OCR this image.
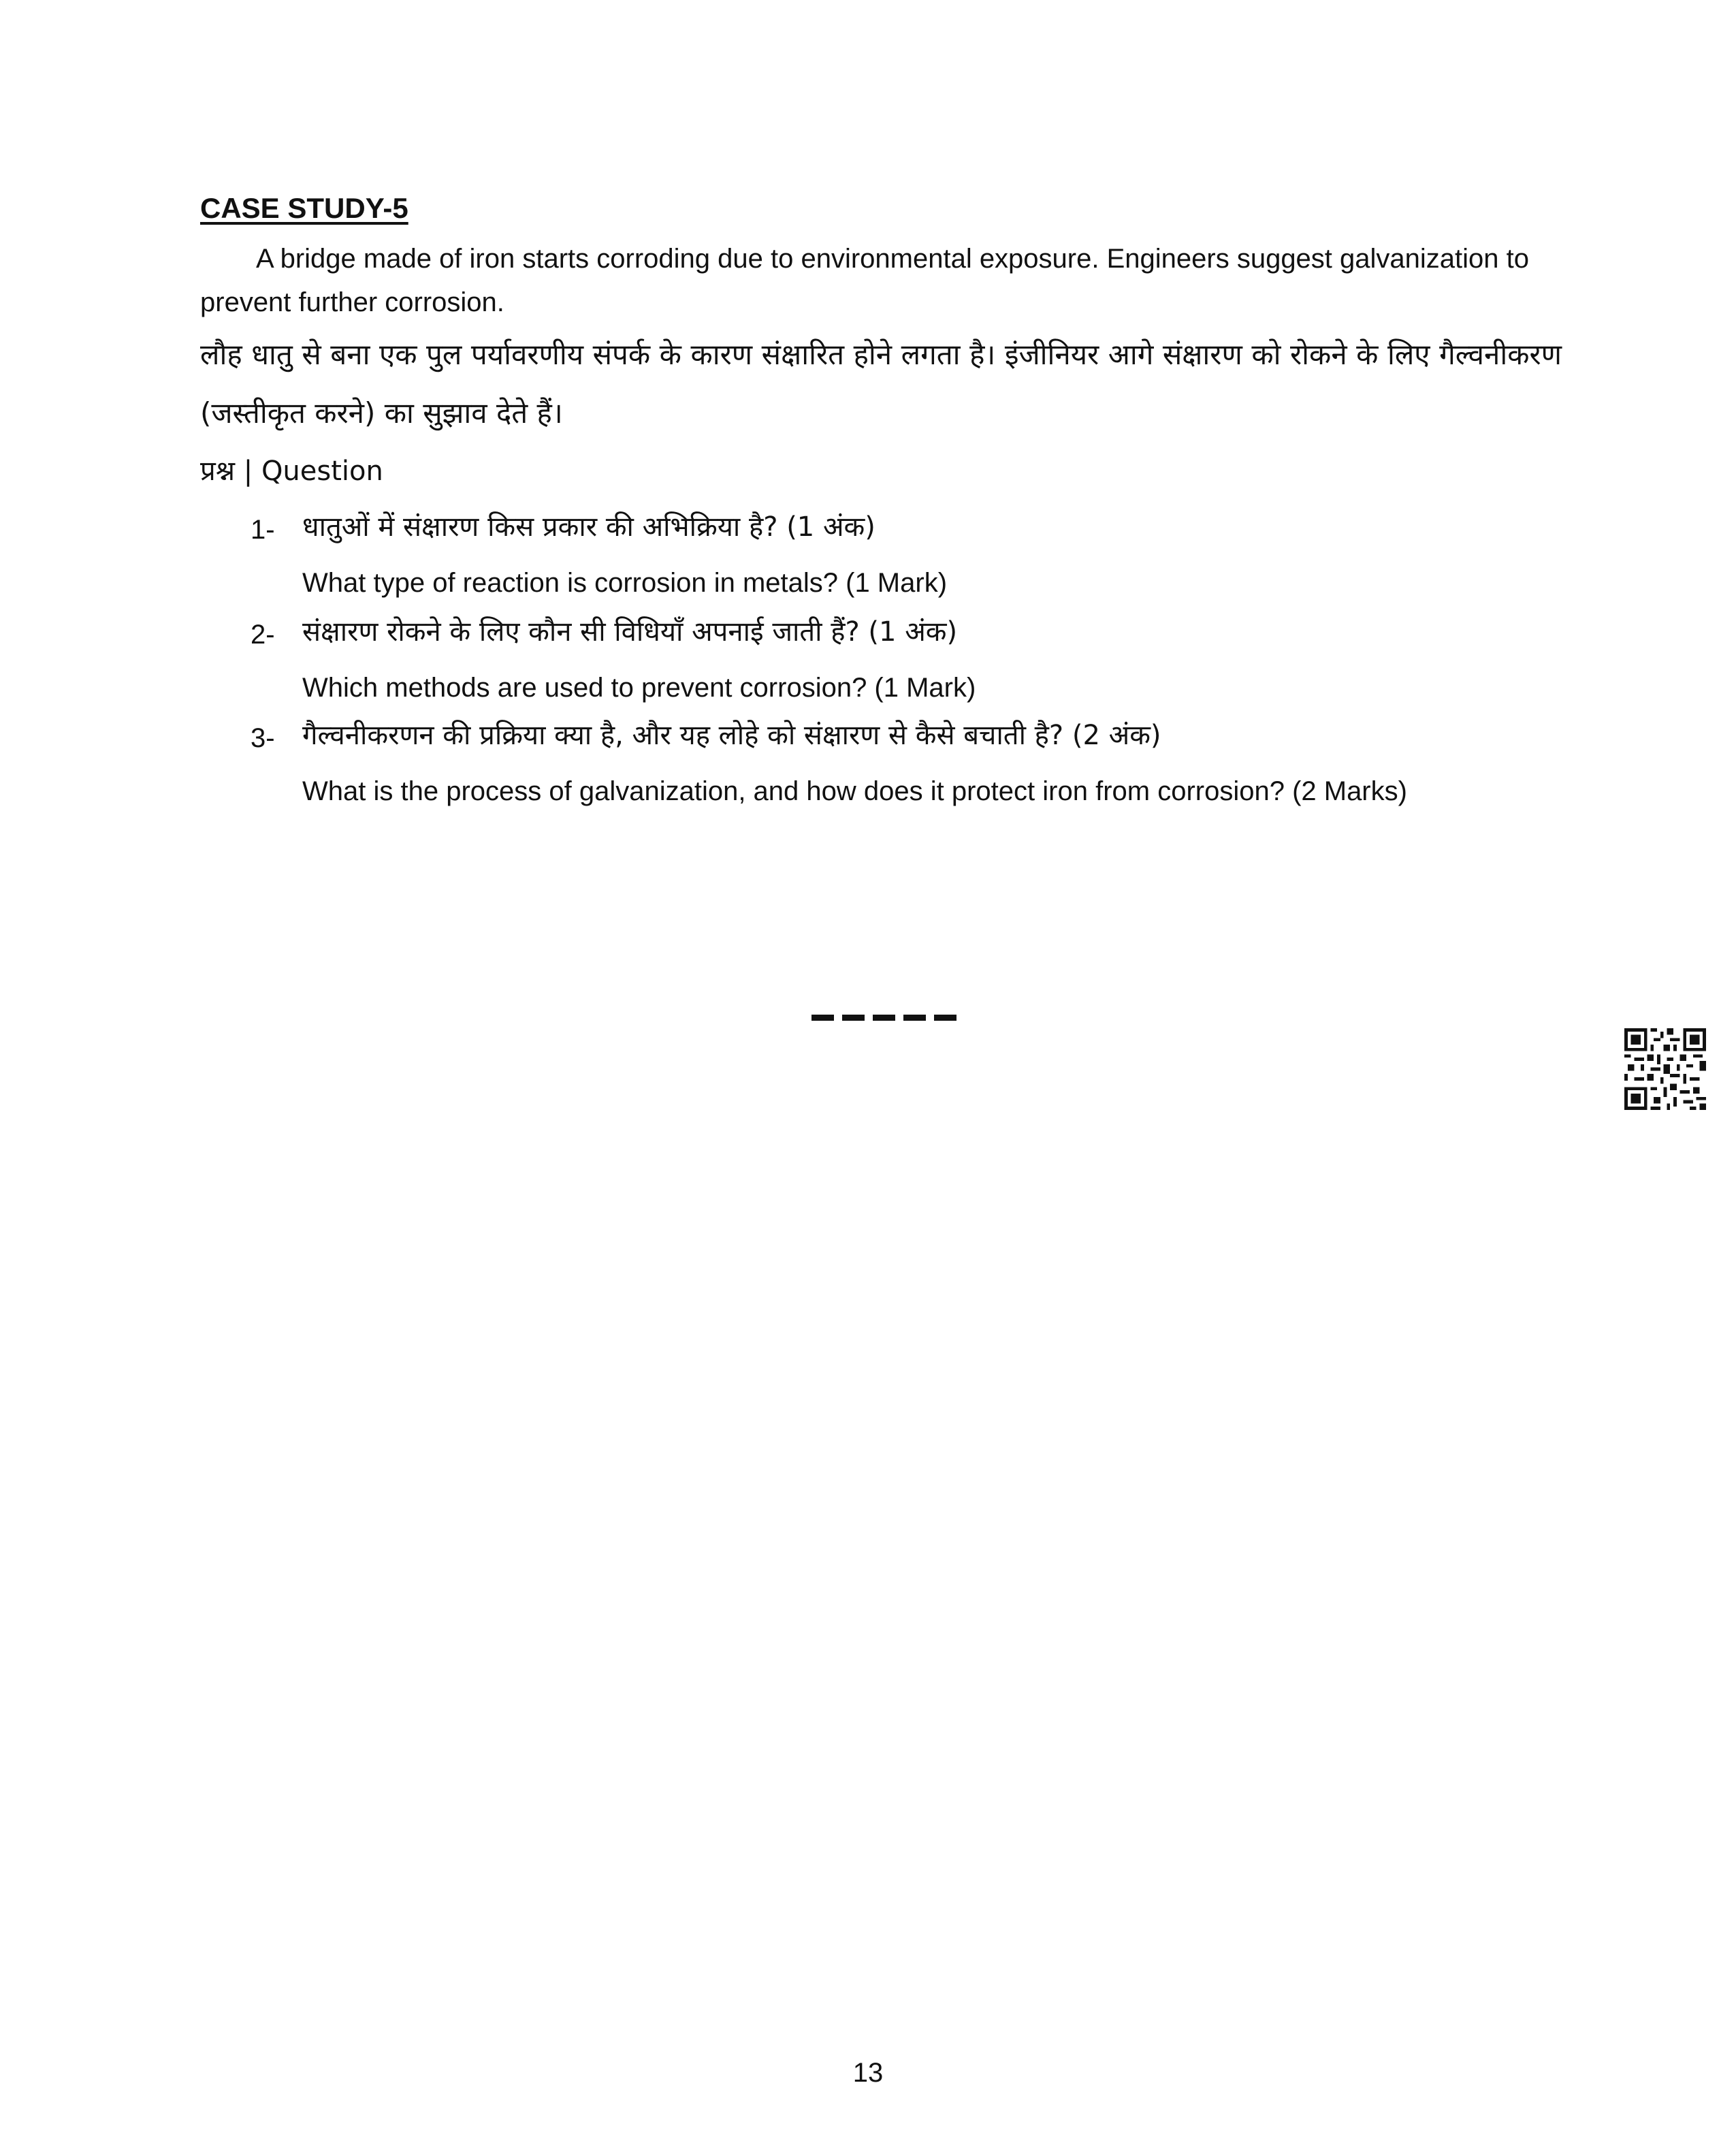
CASE STUDY-5
A bridge made of iron starts corroding due to environmental exposure. Engineers suggest galvanization to prevent further corrosion.
लौह धातु से बना एक पुल पर्यावरणीय संपर्क के कारण संक्षारित होने लगता है। इंजीनियर आगे संक्षारण को रोकने के लिए गैल्वनीकरण (जस्तीकृत करने) का सुझाव देते हैं।
प्रश्न | Question
1- धातुओं में संक्षारण किस प्रकार की अभिक्रिया है? (1 अंक)
What type of reaction is corrosion in metals? (1 Mark)
2- संक्षारण रोकने के लिए कौन सी विधियाँ अपनाई जाती हैं? (1 अंक)
Which methods are used to prevent corrosion? (1 Mark)
3- गैल्वनीकरणन की प्रक्रिया क्या है, और यह लोहे को संक्षारण से कैसे बचाती है? (2 अंक)
What is the process of galvanization, and how does it protect iron from corrosion? (2 Marks)
13
